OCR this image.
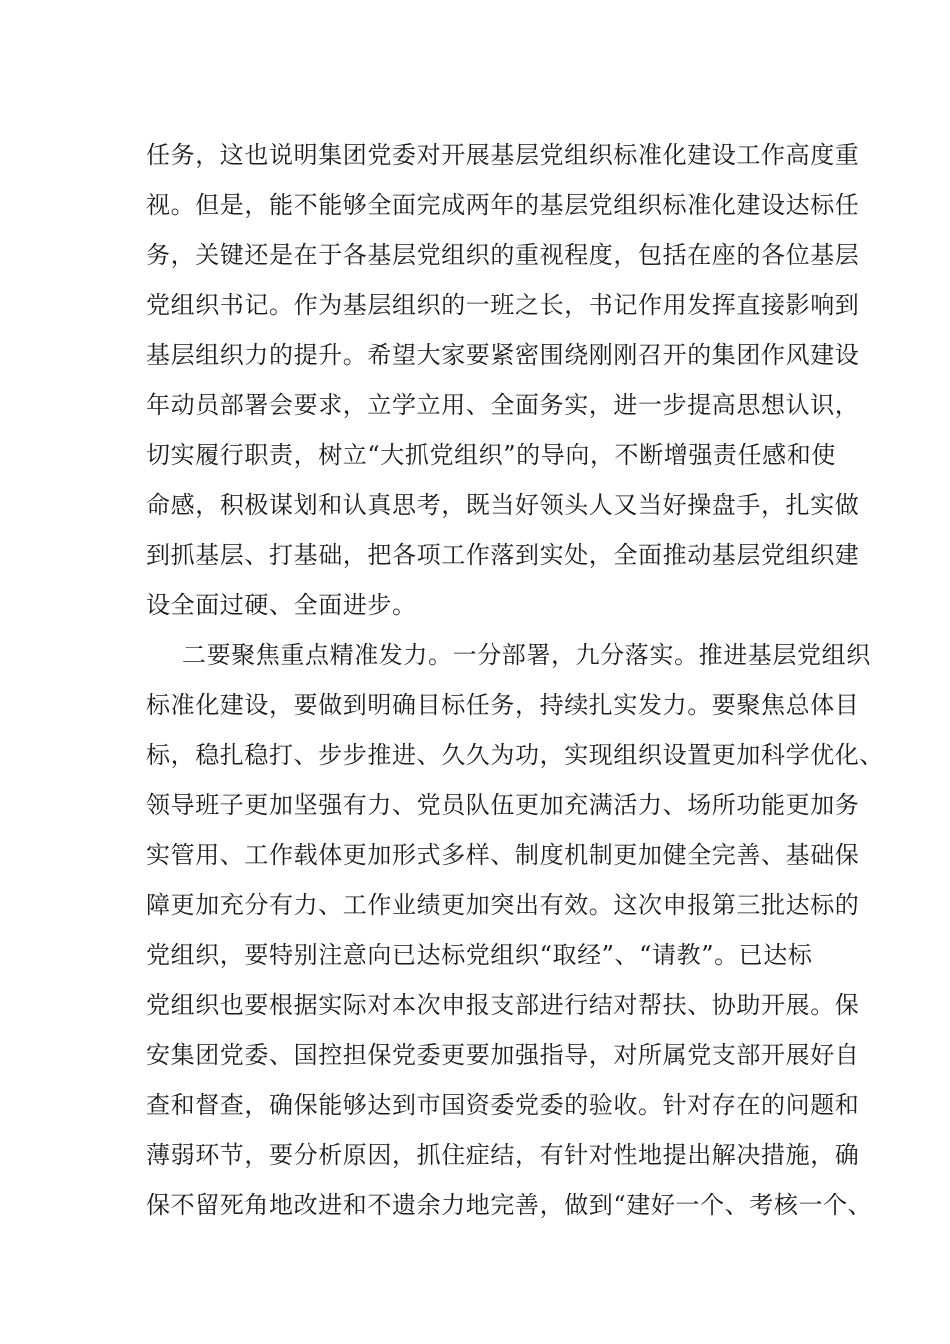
任务，这也说明集团党委对开展基层党组织标准化建设工作高度重
视。但是，能不能够全面完成两年的基层党组织标准化建设达标任
务，关键还是在于各基层党组织的重视程度，包括在座的各位基层
党组织书记。作为基层组织的一班之长，书记作用发挥直接影响到
基层组织力的提升。希望大家要紧密围绕刚刚召开的集团作风建设
年动员部署会要求，立学立用、全面务实，进一步提高思想认识，
切实履行职责，树立“大抓党组织”的导向，不断增强责任感和使
命感，积极谋划和认真思考，既当好领头人又当好操盘手，扎实做
到抓基层、打基础，把各项工作落到实处，全面推动基层党组织建
设全面过硬、全面进步。
二要聚焦重点精准发力。一分部署，九分落实。推进基层党组织
标准化建设，要做到明确目标任务，持续扎实发力。要聚焦总体目
标，稳扎稳打、步步推进、久久为功，实现组织设置更加科学优化、
领导班子更加坚强有力、党员队伍更加充满活力、场所功能更加务
实管用、工作载体更加形式多样、制度机制更加健全完善、基础保
障更加充分有力、工作业绩更加突出有效。这次申报第三批达标的
党组织，要特别注意向已达标党组织“取经”、“请教”。已达标
党组织也要根据实际对本次申报支部进行结对帮扶、协助开展。保
安集团党委、国控担保党委更要加强指导，对所属党支部开展好自
查和督查，确保能够达到市国资委党委的验收。针对存在的问题和
薄弱环节，要分析原因，抓住症结，有针对性地提出解决措施，确
保不留死角地改进和不遗余力地完善，做到“建好一个、考核一个、
